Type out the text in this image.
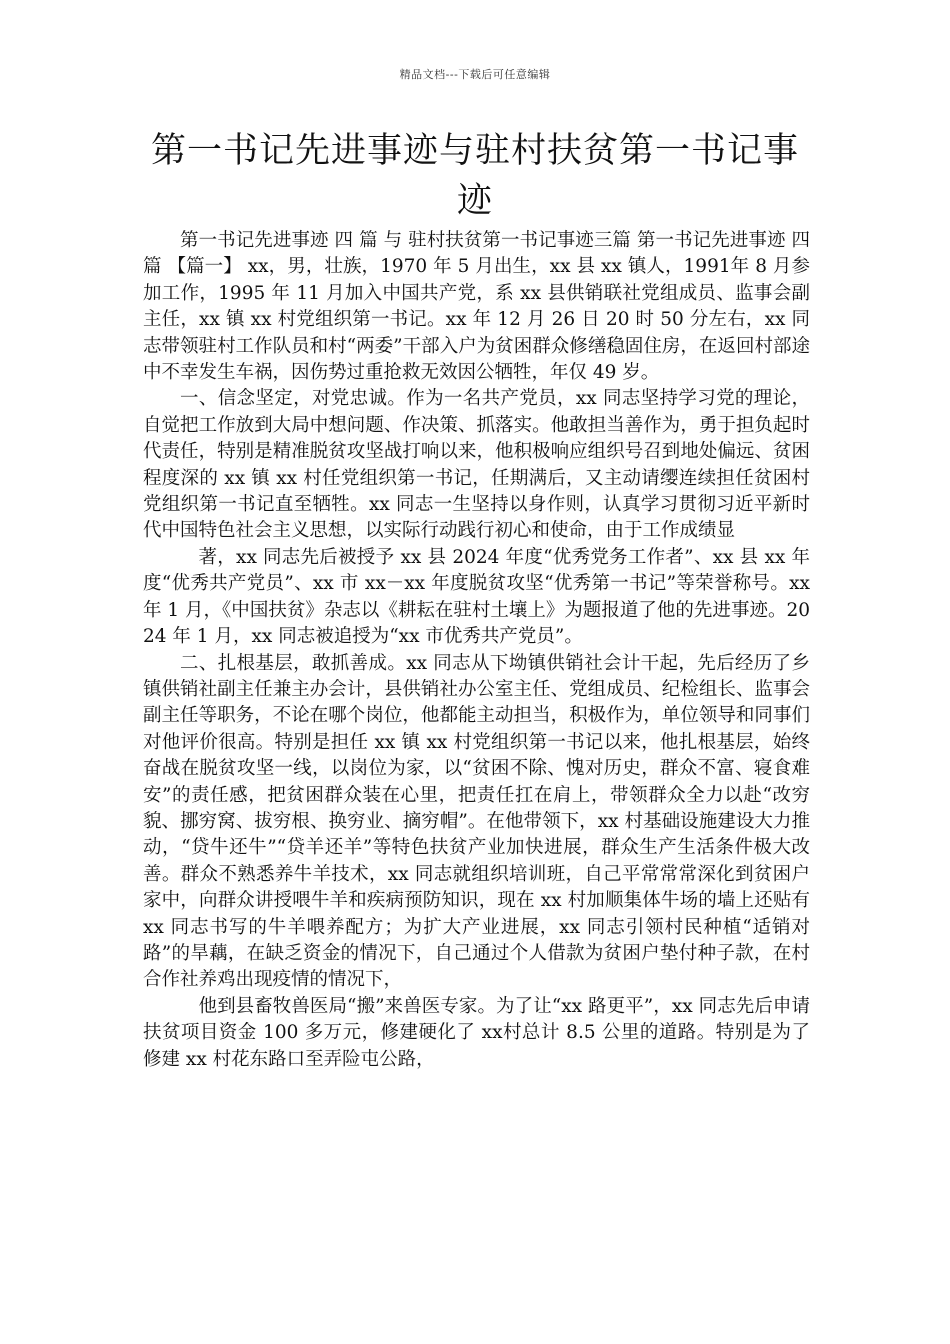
精品文档---下载后可任意编辑
第一书记先进事迹与驻村扶贫第一书记事迹

第一书记先进事迹 四 篇 与 驻村扶贫第一书记事迹三篇 第一书记先进事迹 四 篇 【篇一】 xx，男，壮族，1970 年 5 月出生，xx 县 xx 镇人，1991年 8 月参加工作，1995 年 11 月加入中国共产党，系 xx 县供销联社党组成员、监事会副主任，xx 镇 xx 村党组织第一书记。xx 年 12 月 26 日 20 时 50 分左右，xx 同志带领驻村工作队员和村“两委”干部入户为贫困群众修缮稳固住房，在返回村部途中不幸发生车祸，因伤势过重抢救无效因公牺牲，年仅 49 岁。

一、信念坚定，对党忠诚。作为一名共产党员，xx 同志坚持学习党的理论，自觉把工作放到大局中想问题、作决策、抓落实。他敢担当善作为，勇于担负起时代责任，特别是精准脱贫攻坚战打响以来，他积极响应组织号召到地处偏远、贫困程度深的 xx 镇 xx 村任党组织第一书记，任期满后，又主动请缨连续担任贫困村党组织第一书记直至牺牲。xx 同志一生坚持以身作则，认真学习贯彻习近平新时代中国特色社会主义思想，以实际行动践行初心和使命，由于工作成绩显

著，xx 同志先后被授予 xx 县 2024 年度“优秀党务工作者”、xx 县 xx 年度“优秀共产党员”、xx 市 xx－xx 年度脱贫攻坚“优秀第一书记”等荣誉称号。xx 年 1 月，《中国扶贫》杂志以《耕耘在驻村土壤上》为题报道了他的先进事迹。2024 年 1 月，xx 同志被追授为“xx 市优秀共产党员”。

二、扎根基层，敢抓善成。xx 同志从下坳镇供销社会计干起，先后经历了乡镇供销社副主任兼主办会计，县供销社办公室主任、党组成员、纪检组长、监事会副主任等职务，不论在哪个岗位，他都能主动担当，积极作为，单位领导和同事们对他评价很高。特别是担任 xx 镇 xx 村党组织第一书记以来，他扎根基层，始终奋战在脱贫攻坚一线，以岗位为家，以“贫困不除、愧对历史，群众不富、寝食难安”的责任感，把贫困群众装在心里，把责任扛在肩上，带领群众全力以赴“改穷貌、挪穷窝、拔穷根、换穷业、摘穷帽”。在他带领下，xx 村基础设施建设大力推动，“贷牛还牛”“贷羊还羊”等特色扶贫产业加快进展，群众生产生活条件极大改善。群众不熟悉养牛羊技术，xx 同志就组织培训班，自己平常常常深化到贫困户家中，向群众讲授喂牛羊和疾病预防知识，现在 xx 村加顺集体牛场的墙上还贴有 xx 同志书写的牛羊喂养配方；为扩大产业进展，xx 同志引领村民种植“适销对路”的旱藕，在缺乏资金的情况下，自己通过个人借款为贫困户垫付种子款，在村合作社养鸡出现疫情的情况下，

他到县畜牧兽医局“搬”来兽医专家。为了让“xx 路更平”，xx 同志先后申请扶贫项目资金 100 多万元，修建硬化了 xx村总计 8.5 公里的道路。特别是为了修建 xx 村花东路口至弄险屯公路，
